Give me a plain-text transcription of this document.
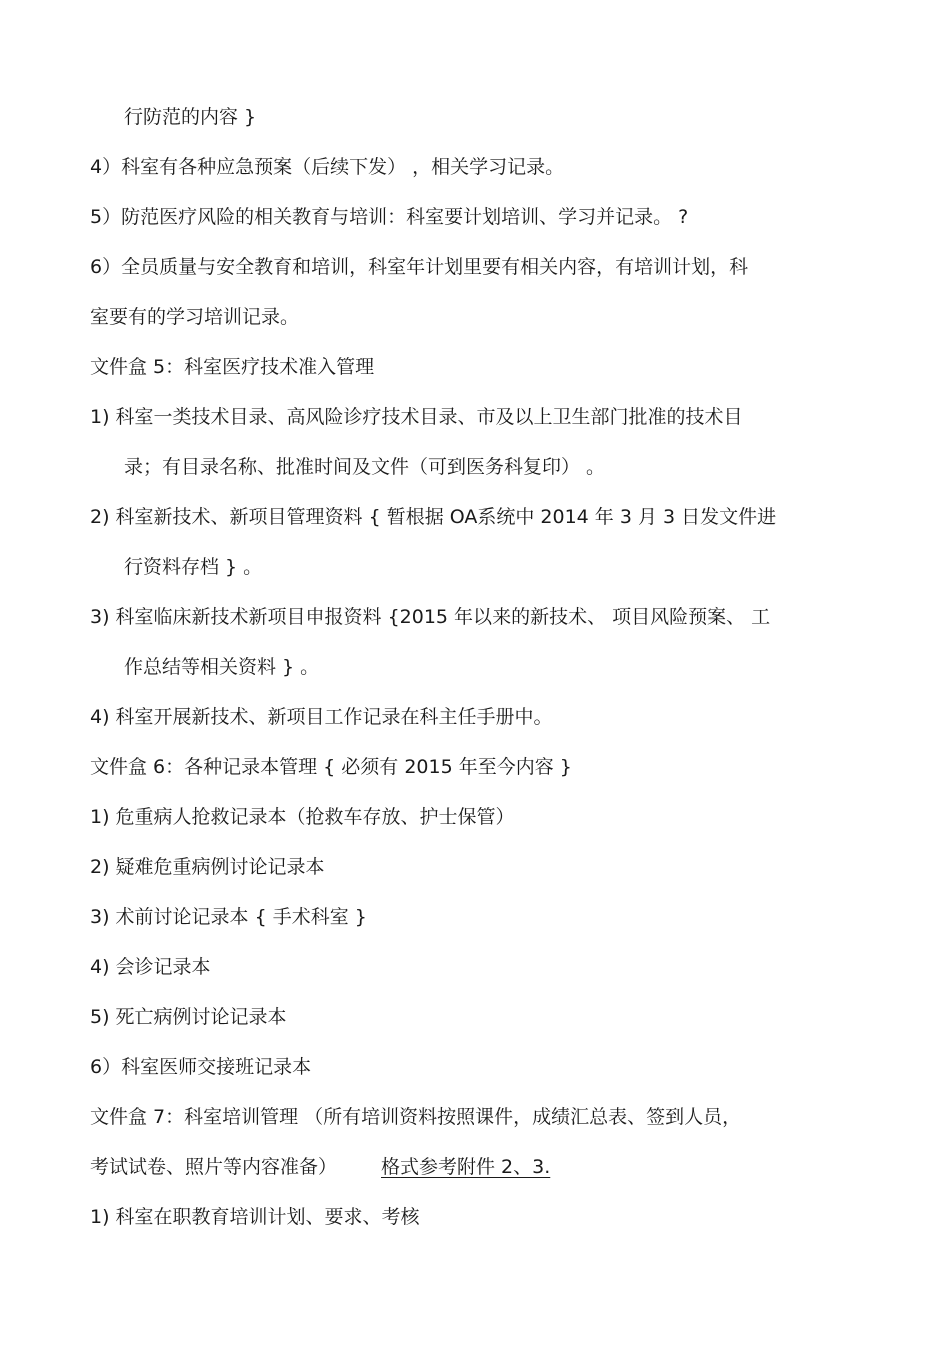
行防范的内容 }
4）科室有各种应急预案（后续下发） ，相关学习记录。
5）防范医疗风险的相关教育与培训：科室要计划培训、学习并记录。 ?
6）全员质量与安全教育和培训，科室年计划里要有相关内容，有培训计划，科
室要有的学习培训记录。
文件盒 5：科室医疗技术准入管理
1) 科室一类技术目录、高风险诊疗技术目录、市及以上卫生部门批准的技术目
录；有目录名称、批准时间及文件（可到医务科复印） 。
2) 科室新技术、新项目管理资料 { 暂根据 OA系统中 2014 年 3 月 3 日发文件进
行资料存档 } 。
3) 科室临床新技术新项目申报资料 {2015 年以来的新技术、 项目风险预案、 工
作总结等相关资料 } 。
4) 科室开展新技术、新项目工作记录在科主任手册中。
文件盒 6：各种记录本管理 { 必须有 2015 年至今内容 }
1) 危重病人抢救记录本（抢救车存放、护士保管）
2) 疑难危重病例讨论记录本
3) 术前讨论记录本 { 手术科室 }
4) 会诊记录本
5) 死亡病例讨论记录本
6）科室医师交接班记录本
文件盒 7：科室培训管理 （所有培训资料按照课件，成绩汇总表、签到人员，
考试试卷、照片等内容准备） 格式参考附件 2、3.
1) 科室在职教育培训计划、要求、考核
